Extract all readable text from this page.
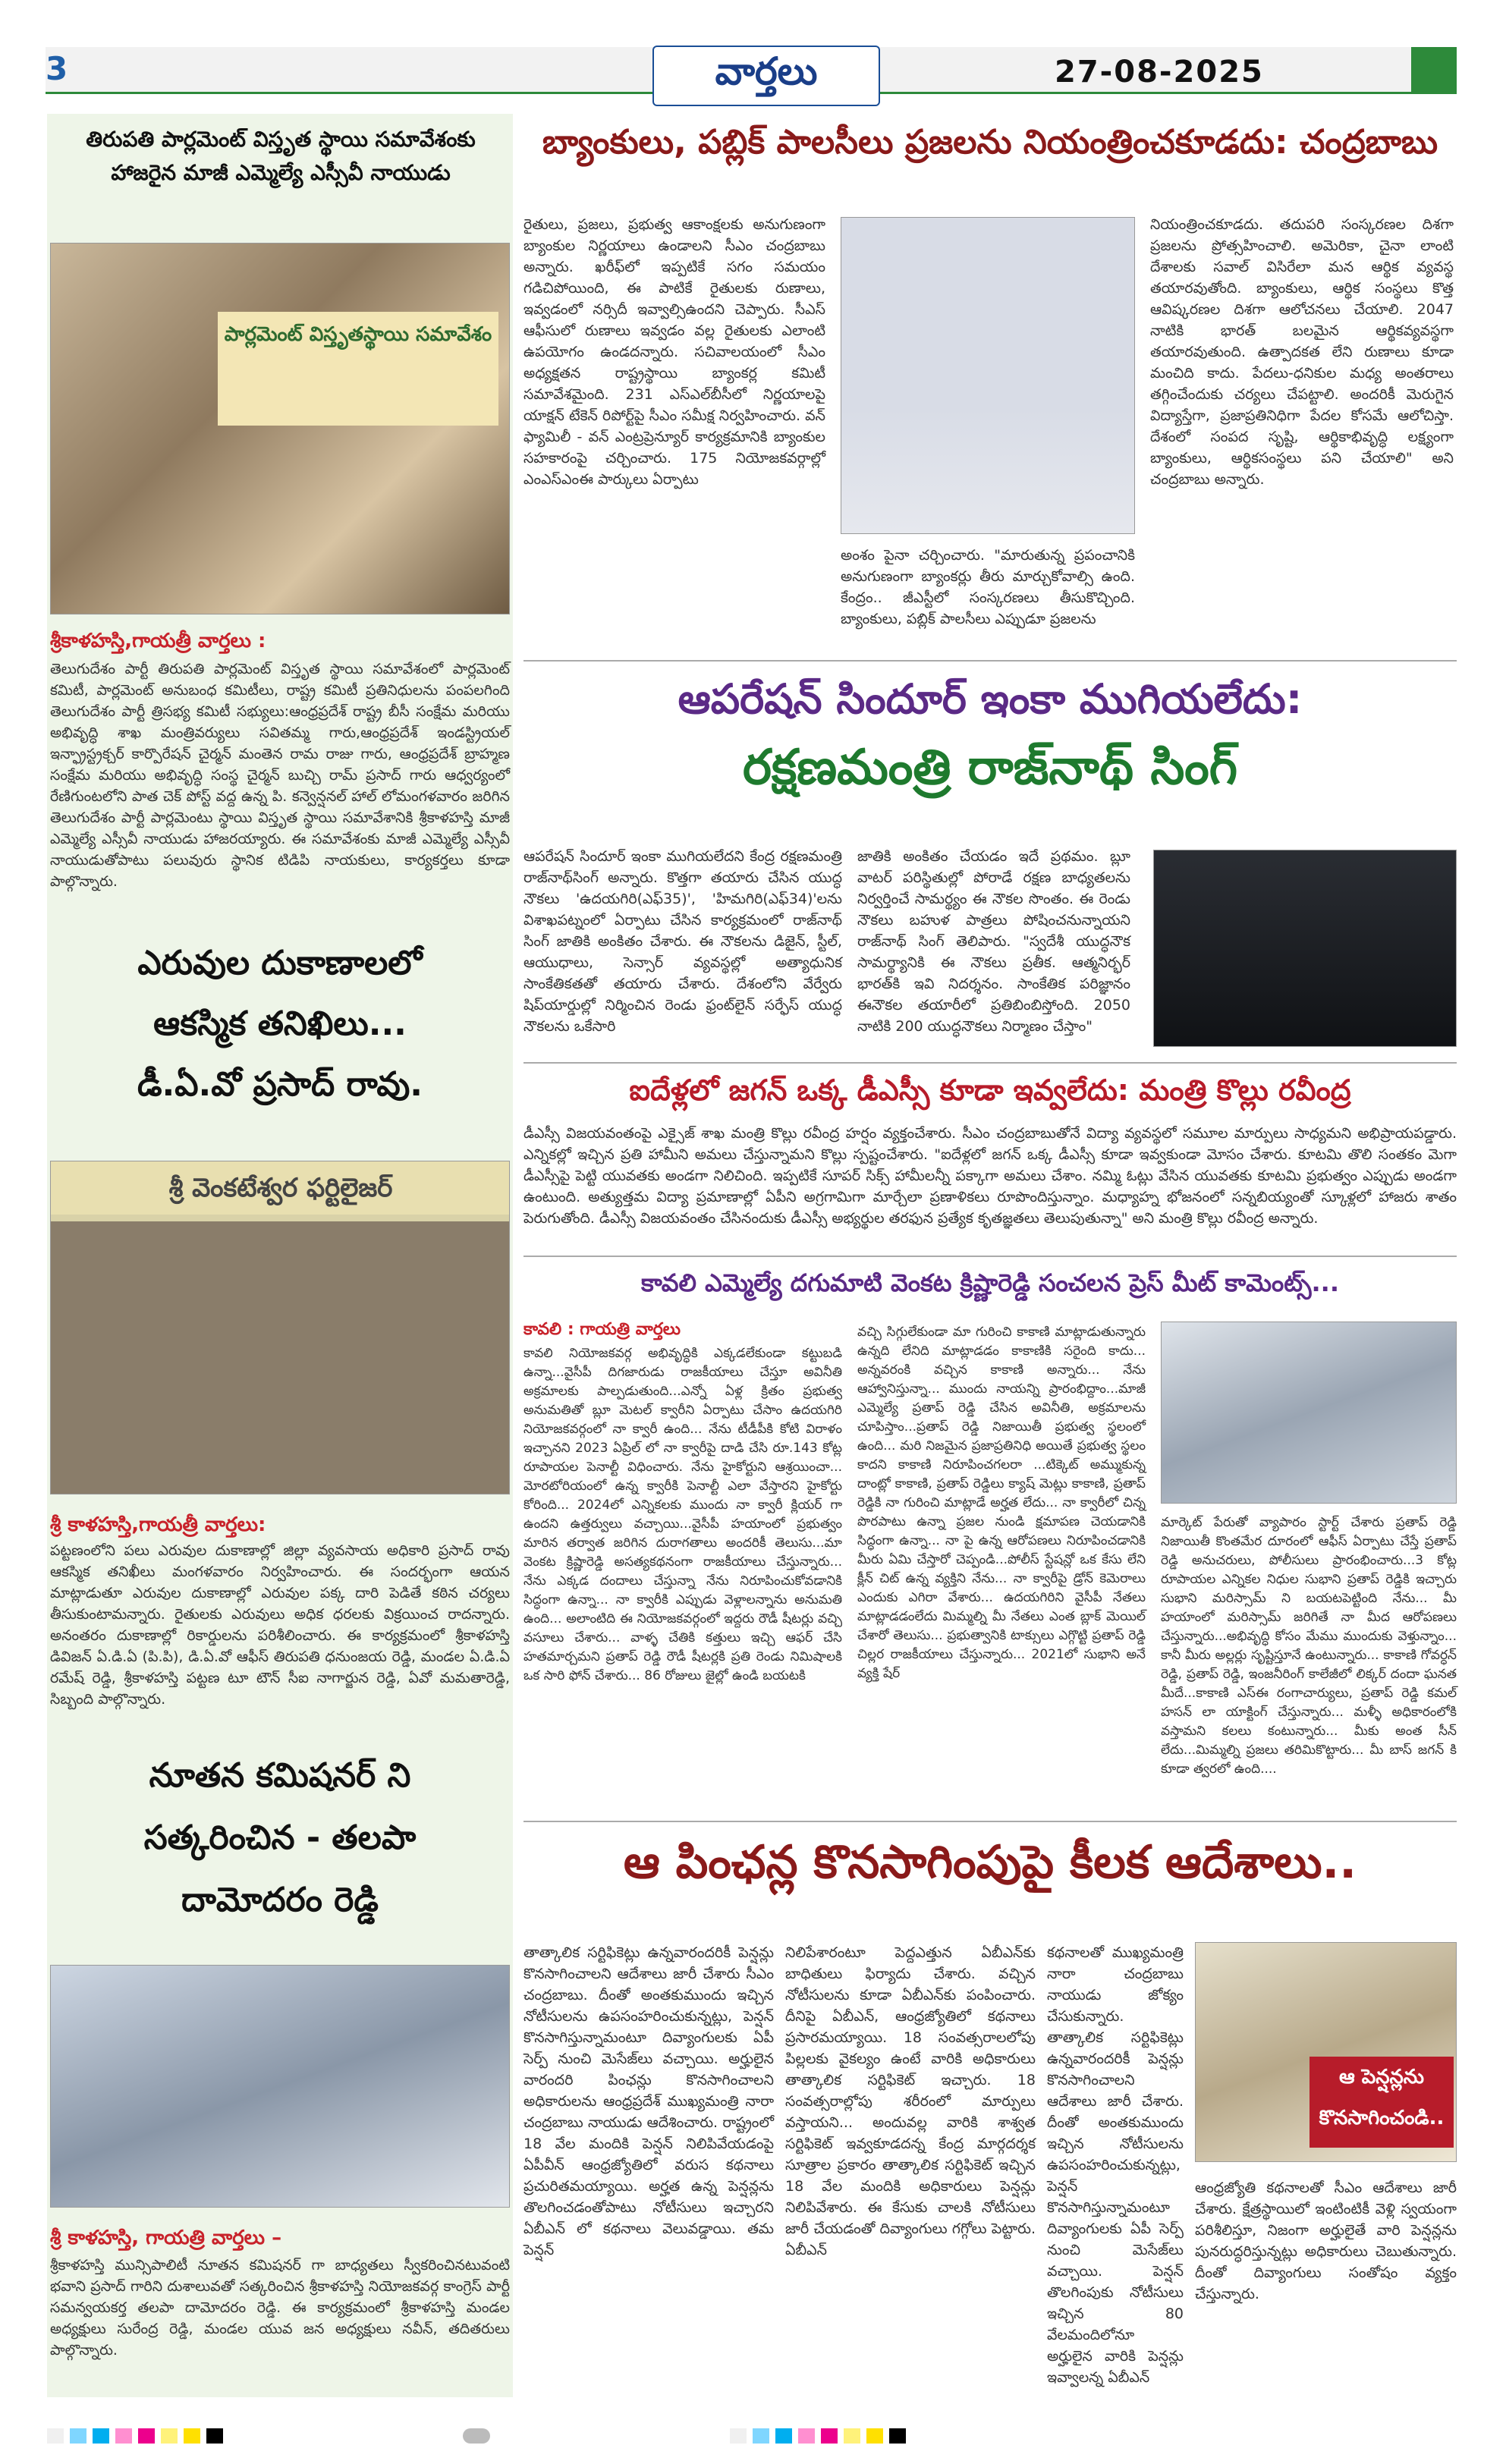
3	వార్తలు	27-08-2025
తిరుపతి పార్లమెంట్ విస్తృత స్థాయి సమావేశంకు
హాజరైన మాజీ ఎమ్మెల్యే ఎస్సీవీ నాయుడు
పార్లమెంట్ విస్తృతస్థాయి సమావేశం
శ్రీకాళహస్తి,గాయత్రీ వార్తలు :
తెలుగుదేశం పార్టీ తిరుపతి పార్లమెంట్ విస్తృత స్థాయి సమావేశంలో పార్లమెంట్ కమిటీ, పార్లమెంట్ అనుబంధ కమిటీలు, రాష్ట్ర కమిటీ ప్రతినిధులను పంపలగింది తెలుగుదేశం పార్టీ త్రిసభ్య కమిటీ సభ్యులు:ఆంధ్రప్రదేశ్ రాష్ట్ర బీసీ సంక్షేమ మరియు అభివృద్ధి శాఖ మంత్రివర్యులు సవితమ్మ గారు,ఆంధ్రప్రదేశ్ ఇండస్ట్రియల్ ఇన్ఫ్రాస్ట్రక్చర్ కార్పొరేషన్ చైర్మన్ మంతెన రామ రాజు గారు, ఆంధ్రప్రదేశ్ బ్రాహ్మణ సంక్షేమ మరియు అభివృద్ధి సంస్థ చైర్మన్ బుచ్చి రామ్ ప్రసాద్ గారు ఆధ్వర్యంలో రేణిగుంటలోని పాత చెక్ పోస్ట్ వద్ద ఉన్న పి. కన్వెన్షనల్ హాల్ లోమంగళవారం జరిగిన తెలుగుదేశం పార్టీ పార్లమెంటు స్థాయి విస్తృత స్థాయి సమావేశానికి శ్రీకాళహస్తి మాజీ ఎమ్మెల్యే ఎస్సీవీ నాయుడు హాజరయ్యారు. ఈ సమావేశంకు మాజీ ఎమ్మెల్యే ఎస్సీవీ నాయుడుతోపాటు పలువురు స్థానిక టిడిపి నాయకులు, కార్యకర్తలు కూడా పాల్గొన్నారు.
ఎరువుల దుకాణాలలో
ఆకస్మిక తనిఖిలు...
డీ.ఏ.వో ప్రసాద్ రావు.
శ్రీ వెంకటేశ్వర ఫర్టిలైజర్
శ్రీ కాళహస్తి,గాయత్రీ వార్తలు:
పట్టణంలోని పలు ఎరువుల దుకాణాల్లో జిల్లా వ్యవసాయ అధికారి ప్రసాద్ రావు ఆకస్మిక తనిఖీలు మంగళవారం నిర్వహించారు. ఈ సందర్భంగా ఆయన మాట్లాడుతూ ఎరువుల దుకాణాల్లో ఎరువుల పక్క దారి పెడితే కఠిన చర్యలు తీసుకుంటామన్నారు. రైతులకు ఎరువులు అధిక ధరలకు విక్రయించ రాదన్నారు. అనంతరం దుకాణాల్లో రికార్డులను పరిశీలించారు. ఈ కార్యక్రమంలో శ్రీకాళహస్తి డివిజన్ ఏ.డి.ఏ (పి.పి), డి.ఏ.వో ఆఫీస్ తిరుపతి ధనుంజయ రెడ్డి, మండల ఏ.డి.ఏ రమేష్ రెడ్డి, శ్రీకాళహస్తి పట్టణ టూ టౌన్ సీఐ నాగార్జున రెడ్డి, ఏవో మమతారెడ్డి, సిబ్బంది పాల్గొన్నారు.
నూతన కమిషనర్ ని
సత్కరించిన - తలపా
దామోదరం రెడ్డి
శ్రీ కాళహస్తి, గాయత్రి వార్తలు –
శ్రీకాళహస్తి మున్సిపాలిటీ నూతన కమిషనర్ గా బాధ్యతలు స్వీకరించినటువంటి భవాని ప్రసాద్ గారిని దుశాలువతో సత్కరించిన శ్రీకాళహస్తి నియోజకవర్గ కాంగ్రెస్ పార్టీ సమన్వయకర్త తలపా దామోదరం రెడ్డి. ఈ కార్యక్రమంలో శ్రీకాళహస్తి మండల అధ్యక్షులు సురేంద్ర రెడ్డి, మండల యువ జన అధ్యక్షులు నవీన్, తదితరులు పాల్గొన్నారు.
బ్యాంకులు, పబ్లిక్ పాలసీలు ప్రజలను నియంత్రించకూడదు: చంద్రబాబు
రైతులు, ప్రజలు, ప్రభుత్వ ఆకాంక్షలకు అనుగుణంగా బ్యాంకుల నిర్ణయాలు ఉండాలని సీఎం చంద్రబాబు అన్నారు. ఖరీఫ్‌లో ఇప్పటికే సగం సమయం గడిచిపోయింది, ఈ పాటికే రైతులకు రుణాలు, ఇవ్వడంలో నర్సిదీ ఇవ్వాల్సిఉందని చెప్పారు. సీఎస్ ఆఫీసులో రుణాలు ఇవ్వడం వల్ల రైతులకు ఎలాంటి ఉపయోగం ఉండదన్నారు. సచివాలయంలో సీఎం అధ్యక్షతన రాష్ట్రస్థాయి బ్యాంకర్ల కమిటీ సమావేశమైంది. 231 ఎస్ఎల్‌బీసీలో నిర్ణయాలపై యాక్షన్ టేకెన్ రిపోర్ట్‌పై సీఎం సమీక్ష నిర్వహించారు. వన్ ఫ్యామిలీ - వన్ ఎంట్రప్రెన్యూర్ కార్యక్రమానికి బ్యాంకుల సహకారంపై చర్చించారు. 175 నియోజకవర్గాల్లో ఎంఎస్ఎంఈ పార్కులు ఏర్పాటు
అంశం పైనా చర్చించారు. "మారుతున్న ప్రపంచానికి అనుగుణంగా బ్యాంకర్లు తీరు మార్చుకోవాల్సి ఉంది. కేంద్రం.. జీఎస్టీలో సంస్కరణలు తీసుకొచ్చింది. బ్యాంకులు, పబ్లిక్ పాలసీలు ఎప్పుడూ ప్రజలను
నియంత్రించకూడదు. తదుపరి సంస్కరణల దిశగా ప్రజలను ప్రోత్సహించాలి. అమెరికా, చైనా లాంటి దేశాలకు సవాల్ విసిరేలా మన ఆర్థిక వ్యవస్థ తయారవుతోంది. బ్యాంకులు, ఆర్థిక సంస్థలు కొత్త ఆవిష్కరణల దిశగా ఆలోచనలు చేయాలి. 2047 నాటికి భారత్ బలమైన ఆర్థికవ్యవస్థగా తయారవుతుంది. ఉత్పాదకత లేని రుణాలు కూడా మంచిది కాదు. పేదలు-ధనికుల మధ్య అంతరాలు తగ్గించేందుకు చర్యలు చేపట్టాలి. అందరికీ మెరుగైన విద్యాస్తేగా, ప్రజాప్రతినిధిగా పేదల కోసమే ఆలోచిస్తా. దేశంలో సంపద సృష్టి, ఆర్థికాభివృద్ధి లక్ష్యంగా బ్యాంకులు, ఆర్థికసంస్థలు పని చేయాలి" అని చంద్రబాబు అన్నారు.
ఆపరేషన్ సిందూర్ ఇంకా ముగియలేదు:
రక్షణమంత్రి రాజ్‌నాథ్ సింగ్
ఆపరేషన్ సిందూర్ ఇంకా ముగియలేదని కేంద్ర రక్షణమంత్రి రాజ్‌నాథ్‌సింగ్ అన్నారు. కొత్తగా తయారు చేసిన యుద్ధ నౌకలు 'ఉదయగిరి(ఎఫ్35)', 'హిమగిరి(ఎఫ్34)'లను విశాఖపట్నంలో ఏర్పాటు చేసిన కార్యక్రమంలో రాజ్‌నాథ్ సింగ్ జాతికి అంకితం చేశారు. ఈ నౌకలను డిజైన్, స్టీల్, ఆయుధాలు, సెన్సార్ వ్యవస్థల్లో అత్యాధునిక సాంకేతికతతో తయారు చేశారు. దేశంలోని వేర్వేరు షిప్‌యార్డుల్లో నిర్మించిన రెండు ఫ్రంట్‌లైన్ సర్ఫేస్ యుద్ధ నౌకలను ఒకేసారి
జాతికి అంకితం చేయడం ఇదే ప్రథమం. బ్లూ వాటర్ పరిస్థితుల్లో పోరాడే రక్షణ బాధ్యతలను నిర్వర్తించే సామర్థ్యం ఈ నౌకల సొంతం. ఈ రెండు నౌకలు బహుళ పాత్రలు పోషించనున్నాయని రాజ్‌నాథ్ సింగ్ తెలిపారు. "స్వదేశీ యుద్ధనౌక సామర్థ్యానికి ఈ నౌకలు ప్రతీక. ఆత్మనిర్భర్ భారత్‌కి ఇవి నిదర్శనం. సాంకేతిక పరిజ్ఞానం ఈనౌకల తయారీలో ప్రతిబింబిస్తోంది. 2050 నాటికి 200 యుద్ధనౌకలు నిర్మాణం చేస్తాం"
ఐదేళ్లలో జగన్ ఒక్క డీఎస్సీ కూడా ఇవ్వలేదు: మంత్రి కొల్లు రవీంద్ర
డీఎస్సీ విజయవంతంపై ఎక్సైజ్ శాఖ మంత్రి కొల్లు రవీంద్ర హర్షం వ్యక్తంచేశారు. సీఎం చంద్రబాబుతోనే విద్యా వ్యవస్థలో సమూల మార్పులు సాధ్యమని అభిప్రాయపడ్డారు. ఎన్నికల్లో ఇచ్చిన ప్రతి హామీని అమలు చేస్తున్నామని కొల్లు స్పష్టంచేశారు. "ఐదేళ్లలో జగన్ ఒక్క డీఎస్సీ కూడా ఇవ్వకుండా మోసం చేశారు. కూటమి తొలి సంతకం మెగా డీఎస్సీపై పెట్టి యువతకు అండగా నిలిచింది. ఇప్పటికే సూపర్ సిక్స్ హామీలన్నీ పక్కాగా అమలు చేశాం. నమ్మి ఓట్లు వేసిన యువతకు కూటమి ప్రభుత్వం ఎప్పుడు అండగా ఉంటుంది. అత్యుత్తమ విద్యా ప్రమాణాల్లో ఏపీని అగ్రగామిగా మార్చేలా ప్రణాళికలు రూపొందిస్తున్నాం. మధ్యాహ్న భోజనంలో సన్నబియ్యంతో స్కూళ్లలో హాజరు శాతం పెరుగుతోంది. డీఎస్సీ విజయవంతం చేసినందుకు డీఎస్సీ అభ్యర్థుల తరఫున ప్రత్యేక కృతజ్ఞతలు తెలుపుతున్నా" అని మంత్రి కొల్లు రవీంద్ర అన్నారు.
కావలి ఎమ్మెల్యే దగుమాటి వెంకట క్రిష్ణారెడ్డి సంచలన ప్రెస్ మీట్ కామెంట్స్...
కావలి : గాయత్రి వార్తలు
కావలి నియోజకవర్గ అభివృద్ధికి ఎక్కడలేకుండా కట్టుబడి ఉన్నా...వైసీపీ దిగజారుడు రాజకీయాలు చేస్తూ అవినీతి అక్రమాలకు పాల్పడుతుంది...ఎన్నో ఏళ్ల క్రితం ప్రభుత్వ అనుమతితో బ్లూ మెటల్ క్వారీని ఏర్పాటు చేసాం ఉదయగిరి నియోజకవర్గంలో నా క్వారీ ఉంది... నేను టీడీపీకి కోటి విరాళం ఇచ్చానని 2023 ఏప్రిల్ లో నా క్వారీపై దాడి చేసి రూ.143 కోట్ల రూపాయల పెనాల్టీ విధించారు. నేను హైకోర్టుని ఆశ్రయించా... మోరటోరియంలో ఉన్న క్వారీకి పెనాల్టీ ఎలా వేస్తారని హైకోర్టు కోరింది... 2024లో ఎన్నికలకు ముందు నా క్వారీ క్లియర్ గా ఉందని ఉత్తర్వులు వచ్చాయి...వైసీపీ హయాంలో ప్రభుత్వం మారిన తర్వాత జరిగిన దురాగతాలు అందరికీ తెలుసు...మా వెంకట క్రిష్ణారెడ్డి అసత్యకథనంగా రాజకీయాలు చేస్తున్నారు... నేను ఎక్కడ దందాలు చేస్తున్నా నేను నిరూపించుకోవడానికి సిద్ధంగా ఉన్నా... నా క్వారీకి ఎప్పుడు వెళ్లాలన్నాను అనుమతి ఉంది... అలాంటిది ఈ నియోజకవర్గంలో ఇద్దరు రౌడీ షీటర్లు వచ్చి వసూలు చేశారు... వాళ్ళ చేతికి కత్తులు ఇచ్చి ఆఫర్ చేసి హతమార్చమని ప్రతాప్ రెడ్డి రౌడీ షీటర్లకి ప్రతి రెండు నిమిషాలకి ఒక సారి ఫోన్ చేశారు... 86 రోజులు జైల్లో ఉండి బయటకి
వచ్చి సిగ్గులేకుండా మా గురించి కాకాణి మాట్లాడుతున్నారు ఉన్నది లేనిది మాట్లాడడం కాకాణికి సరైంది కాదు... అన్నవరంకి వచ్చిన కాకాణి అన్నారు... నేను ఆహ్వానిస్తున్నా... ముందు నాయన్ని ప్రారంభిద్దాం...మాజీ ఎమ్మెల్యే ప్రతాప్ రెడ్డి చేసిన అవినీతి, అక్రమాలను చూపిస్తాం...ప్రతాప్ రెడ్డి నిజాయితీ ప్రభుత్వ స్థలంలో ఉంది... మరి నిజమైన ప్రజాప్రతినిధి అయితే ప్రభుత్వ స్థలం కాదని కాకాణి నిరూపించగలరా ...టిక్కెట్ అమ్ముకున్న దాంట్లో కాకాణి, ప్రతాప్ రెడ్డిలు క్యాష్ మెట్లు కాకాణి, ప్రతాప్ రెడ్డికి నా గురించి మాట్లాడే అర్హత లేదు... నా క్వారీలో చిన్న పొరపాటు ఉన్నా ప్రజల నుండి క్షమాపణ చెయడానికి సిద్ధంగా ఉన్నా... నా పై ఉన్న ఆరోపణలు నిరూపించడానికి మీరు ఏమి చేస్తారో చెప్పండి...పోలీస్ స్టేషన్లో ఒక కేసు లేని క్లీన్ చిట్ ఉన్న వ్యక్తిని నేను... నా క్వారీపై డ్రోన్ కెమెరాలు ఎందుకు ఎగిరా వేశారు... ఉదయగిరిని వైసీపీ నేతలు మాట్లాడడంలేదు మిమ్మల్ని మీ నేతలు ఎంత బ్లాక్ మెయిల్ చేశారో తెలుసు... ప్రభుత్వానికి టాక్సులు ఎగ్గొట్టి ప్రతాప్ రెడ్డి చిల్లర రాజకీయాలు చేస్తున్నారు... 2021లో సుభాని అనే వ్యక్తి షేర్
మార్కెట్ పేరుతో వ్యాపారం స్టార్ట్ చేశారు ప్రతాప్ రెడ్డి నిజాయితీ కొంతమేర దూరంలో ఆఫీస్ ఏర్పాటు చేస్తే ప్రతాప్ రెడ్డి అనుచరులు, పోలీసులు ప్రారంభించారు...3 కోట్ల రూపాయల ఎన్నికల నిధుల సుభాని ప్రతాప్ రెడ్డికి ఇచ్చారు సుభాని మరిస్సామ్ ని బయటపెట్టింది నేను... మీ హయాంలో మరిస్సామ్ జరిగితే నా మీద ఆరోపణలు చేస్తున్నారు...అభివృద్ధి కోసం మేము ముందుకు వెళ్తున్నాం... కానీ మీరు అల్లర్లు సృష్టిస్తూనే ఉంటున్నారు... కాకాణి గోవర్ధన్ రెడ్డి, ప్రతాప్ రెడ్డి, ఇంజనీరింగ్ కాలేజీలో లిక్కర్ దందా ఘనత మీదే...కాకాణి ఎస్ఈ రంగాచార్యులు, ప్రతాప్ రెడ్డి కమల్ హసన్ లా యాక్టింగ్ చేస్తున్నారు... మళ్ళీ అధికారంలోకి వస్తామని కలలు కంటున్నారు... మీకు అంత సీన్ లేదు...మిమ్మల్ని ప్రజలు తరిమికొట్టారు... మీ బాస్ జగన్ కి కూడా త్వరలో ఉంది....
ఆ పింఛన్ల కొనసాగింపుపై కీలక ఆదేశాలు..
తాత్కాలిక సర్టిఫికెట్లు ఉన్నవారందరికీ పెన్షన్లు కొనసాగించాలని ఆదేశాలు జారీ చేశారు సీఎం చంద్రబాబు. దీంతో అంతకుముందు ఇచ్చిన నోటీసులను ఉపసంహరించుకున్నట్లు, పెన్షన్ కొనసాగిస్తున్నామంటూ దివ్యాంగులకు ఏపీ సెర్ప్ నుంచి మెసేజ్‌లు వచ్చాయి. అర్హులైన వారందరి పింఛన్లు కొనసాగించాలని అధికారులను ఆంధ్రప్రదేశ్ ముఖ్యమంత్రి నారా చంద్రబాబు నాయుడు ఆదేశించారు. రాష్ట్రంలో 18 వేల మందికి పెన్షన్ నిలిపివేయడంపై ఏపీవీన్ ఆంధ్రజ్యోతిలో వరుస కథనాలు ప్రచురితమయ్యాయి. అర్హత ఉన్న పెన్షన్లను తొలగించడంతోపాటు నోటీసులు ఇచ్చారని ఏబీఎన్ లో కథనాలు వెలువడ్డాయి. తమ పెన్షన్
నిలిపేశారంటూ పెద్దఎత్తున ఏబీఎన్‌కు బాధితులు ఫిర్యాదు చేశారు. వచ్చిన నోటీసులను కూడా ఏబీఎన్‌కు పంపించారు. దీనిపై ఏబీఎన్, ఆంధ్రజ్యోతిలో కథనాలు ప్రసారమయ్యాయి. 18 సంవత్సరాలలోపు పిల్లలకు వైకల్యం ఉంటే వారికి అధికారులు తాత్కాలిక సర్టిఫికెట్ ఇచ్చారు. 18 సంవత్సరాల్లోపు శరీరంలో మార్పులు వస్తాయని... అందువల్ల వారికి శాశ్వత సర్టిఫికెట్ ఇవ్వకూడదన్న కేంద్ర మార్గదర్శక సూత్రాల ప్రకారం తాత్కాలిక సర్టిఫికెట్ ఇచ్చిన 18 వేల మందికి అధికారులు పెన్షన్లు నిలిపివేశారు. ఈ కేసుకు చాలకి నోటీసులు జారీ చేయడంతో దివ్యాంగులు గగ్గోలు పెట్టారు. ఏబీఎన్
కథనాలతో ముఖ్యమంత్రి నారా చంద్రబాబు నాయుడు జోక్యం చేసుకున్నారు. తాత్కాలిక సర్టిఫికెట్లు ఉన్నవారందరికీ పెన్షన్లు కొనసాగించాలని ఆదేశాలు జారీ చేశారు. దీంతో అంతకుముందు ఇచ్చిన నోటీసులను ఉపసంహరించుకున్నట్లు, పెన్షన్ కొనసాగిస్తున్నామంటూ దివ్యాంగులకు ఏపీ సెర్ప్ నుంచి మెసేజ్‌లు వచ్చాయి. పెన్షన్ తొలగింపుకు నోటీసులు ఇచ్చిన 80 వేలమందిలోనూ అర్హులైన వారికి పెన్షన్లు ఇవ్వాలన్న ఏబీఎన్
ఆ పెన్షన్లను
కొనసాగించండి..
ఆంధ్రజ్యోతి కథనాలతో సీఎం ఆదేశాలు జారీ చేశారు. క్షేత్రస్థాయిలో ఇంటింటికీ వెళ్లి స్వయంగా పరిశీలిస్తూ, నిజంగా అర్హులైతే వారి పెన్షన్లను పునరుద్ధరిస్తున్నట్లు అధికారులు చెబుతున్నారు. దీంతో దివ్యాంగులు సంతోషం వ్యక్తం చేస్తున్నారు.
